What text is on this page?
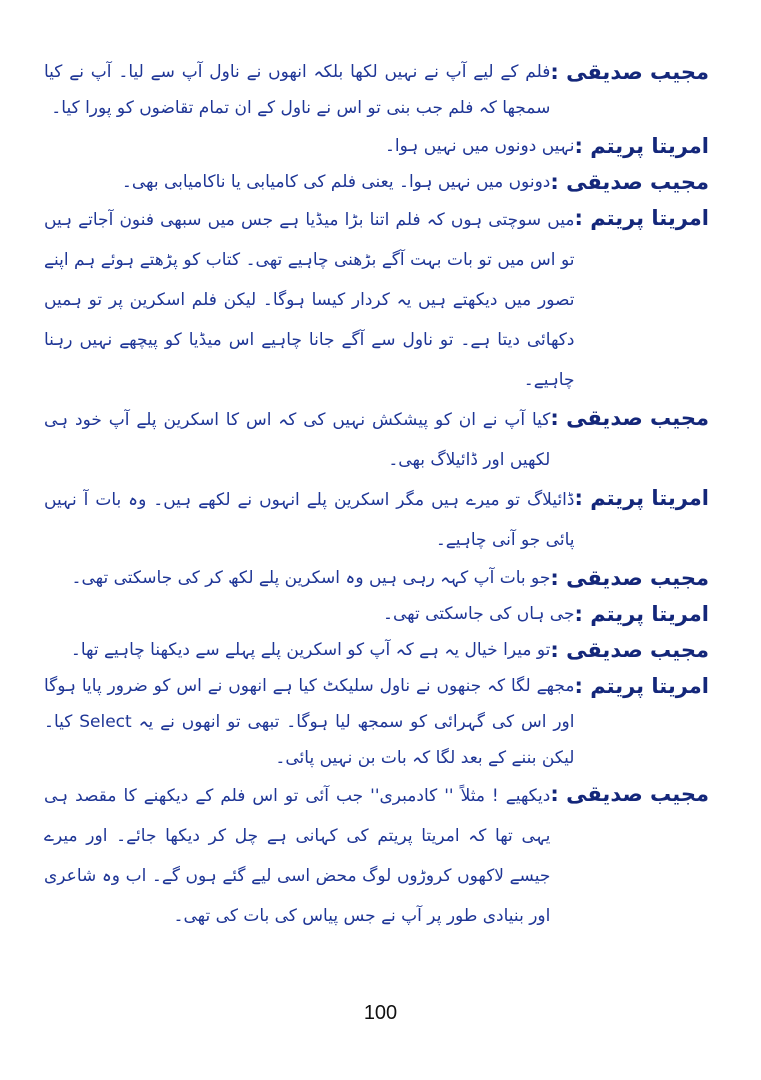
مجیب صدیقی :
فلم کے لیے آپ نے نہیں لکھا بلکہ انھوں نے ناول آپ سے لیا۔ آپ نے کیا سمجھا کہ فلم جب بنی تو اس نے ناول کے ان تمام تقاضوں کو پورا کیا۔
امریتا پریتم :
نہیں دونوں میں نہیں ہوا۔
مجیب صدیقی :
دونوں میں نہیں ہوا۔ یعنی فلم کی کامیابی یا ناکامیابی بھی۔
امریتا پریتم :
میں سوچتی ہوں کہ فلم اتنا بڑا میڈیا ہے جس میں سبھی فنون آجاتے ہیں تو اس میں تو بات بہت آگے بڑھنی چاہیے تھی۔ کتاب کو پڑھتے ہوئے ہم اپنے تصور میں دیکھتے ہیں یہ کردار کیسا ہوگا۔ لیکن فلم اسکرین پر تو ہمیں دکھائی دیتا ہے۔ تو ناول سے آگے جانا چاہیے اس میڈیا کو پیچھے نہیں رہنا چاہیے۔
مجیب صدیقی :
کیا آپ نے ان کو پیشکش نہیں کی کہ اس کا اسکرین پلے آپ خود ہی لکھیں اور ڈائیلاگ بھی۔
امریتا پریتم :
ڈائیلاگ تو میرے ہیں مگر اسکرین پلے انہوں نے لکھے ہیں۔ وہ بات آ نہیں پائی جو آنی چاہیے۔
مجیب صدیقی :
جو بات آپ کہہ رہی ہیں وہ اسکرین پلے لکھ کر کی جاسکتی تھی۔
امریتا پریتم :
جی ہاں کی جاسکتی تھی۔
مجیب صدیقی :
تو میرا خیال یہ ہے کہ آپ کو اسکرین پلے پہلے سے دیکھنا چاہیے تھا۔
امریتا پریتم :
مجھے لگا کہ جنھوں نے ناول سلیکٹ کیا ہے انھوں نے اس کو ضرور پایا ہوگا اور اس کی گہرائی کو سمجھ لیا ہوگا۔ تبھی تو انھوں نے یہ Select کیا۔ لیکن بننے کے بعد لگا کہ بات بن نہیں پائی۔
مجیب صدیقی :
دیکھیے ! مثلاً '' کادمبری'' جب آئی تو اس فلم کے دیکھنے کا مقصد ہی یہی تھا کہ امریتا پریتم کی کہانی ہے چل کر دیکھا جائے۔ اور میرے جیسے لاکھوں کروڑوں لوگ محض اسی لیے گئے ہوں گے۔ اب وہ شاعری اور بنیادی طور پر آپ نے جس پیاس کی بات کی تھی۔
100
